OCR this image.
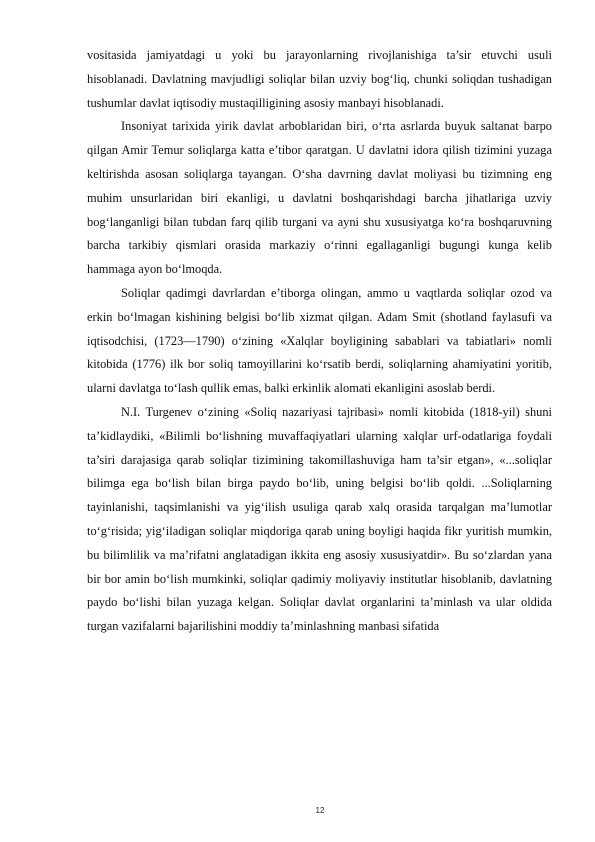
vositasida jamiyatdagi u yoki bu jarayonlarning rivojlanishiga ta’sir etuvchi usuli hisoblanadi. Davlatning mavjudligi soliqlar bilan uzviy bog‘liq, chunki soliqdan tushadigan tushumlar davlat iqtisodiy mustaqilligining asosiy manbayi hisoblanadi.

Insoniyat tarixida yirik davlat arboblaridan biri, o‘rta asrlarda buyuk saltanat barpo qilgan Amir Temur soliqlarga katta e’tibor qaratgan. U davlatni idora qilish tizimini yuzaga keltirishda asosan soliqlarga tayangan. O‘sha davrning davlat moliyasi bu tizimning eng muhim unsurlaridan biri ekanligi, u davlatni boshqarishdagi barcha jihatlariga uzviy bog‘langanligi bilan tubdan farq qilib turgani va ayni shu xususiyatga ko‘ra boshqaruvning barcha tarkibiy qismlari orasida markaziy o‘rinni egallaganligi bugungi kunga kelib hammaga ayon bo‘lmoqda.

Soliqlar qadimgi davrlardan e’tiborga olingan, ammo u vaqtlarda soliqlar ozod va erkin bo‘lmagan kishining belgisi bo‘lib xizmat qilgan. Adam Smit (shotland faylasufi va iqtisodchisi, (1723—1790) o‘zining «Xalqlar boyligining sabablari va tabiatlari» nomli kitobida (1776) ilk bor soliq tamoyillarini ko‘rsatib berdi, soliqlarning ahamiyatini yoritib, ularni davlatga to‘lash qullik emas, balki erkinlik alomati ekanligini asoslab berdi.

N.I. Turgenev o‘zining «Soliq nazariyasi tajribasi» nomli kitobida (1818-yil) shuni ta’kidlaydiki, «Bilimli bo‘lishning muvaffaqiyatlari ularning xalqlar urf-odatlariga foydali ta’siri darajasiga qarab soliqlar tizimining takomillashuviga ham ta’sir etgan», «...soliqlar bilimga ega bo‘lish bilan birga paydo bo‘lib, uning belgisi bo‘lib qoldi. ...Soliqlarning tayinlanishi, taqsimlanishi va yig‘ilish usuliga qarab xalq orasida tarqalgan ma’lumotlar to‘g‘risida; yig‘iladigan soliqlar miqdoriga qarab uning boyligi haqida fikr yuritish mumkin, bu bilimlilik va ma’rifatni anglatadigan ikkita eng asosiy xususiyatdir». Bu so‘zlardan yana bir bor amin bo‘lish mumkinki, soliqlar qadimiy moliyaviy institutlar hisoblanib, davlatning paydo bo‘lishi bilan yuzaga kelgan. Soliqlar davlat organlarini ta’minlash va ular oldida turgan vazifalarni bajarilishini moddiy ta’minlashning manbasi sifatida

12
